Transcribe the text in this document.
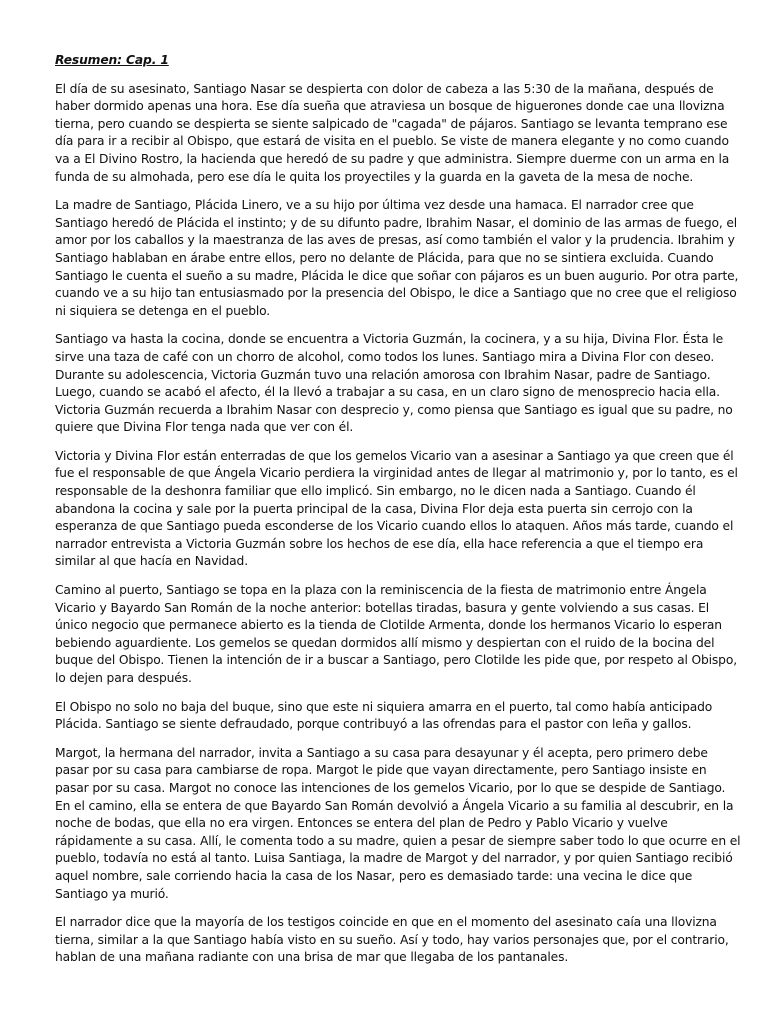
Resumen: Cap. 1

El día de su asesinato, Santiago Nasar se despierta con dolor de cabeza a las 5:30 de la mañana, después de haber dormido apenas una hora. Ese día sueña que atraviesa un bosque de higuerones donde cae una llovizna tierna, pero cuando se despierta se siente salpicado de "cagada" de pájaros. Santiago se levanta temprano ese día para ir a recibir al Obispo, que estará de visita en el pueblo. Se viste de manera elegante y no como cuando va a El Divino Rostro, la hacienda que heredó de su padre y que administra. Siempre duerme con un arma en la funda de su almohada, pero ese día le quita los proyectiles y la guarda en la gaveta de la mesa de noche.

La madre de Santiago, Plácida Linero, ve a su hijo por última vez desde una hamaca. El narrador cree que Santiago heredó de Plácida el instinto; y de su difunto padre, Ibrahim Nasar, el dominio de las armas de fuego, el amor por los caballos y la maestranza de las aves de presas, así como también el valor y la prudencia. Ibrahim y Santiago hablaban en árabe entre ellos, pero no delante de Plácida, para que no se sintiera excluida. Cuando Santiago le cuenta el sueño a su madre, Plácida le dice que soñar con pájaros es un buen augurio. Por otra parte, cuando ve a su hijo tan entusiasmado por la presencia del Obispo, le dice a Santiago que no cree que el religioso ni siquiera se detenga en el pueblo.

Santiago va hasta la cocina, donde se encuentra a Victoria Guzmán, la cocinera, y a su hija, Divina Flor. Ésta le sirve una taza de café con un chorro de alcohol, como todos los lunes. Santiago mira a Divina Flor con deseo. Durante su adolescencia, Victoria Guzmán tuvo una relación amorosa con Ibrahim Nasar, padre de Santiago. Luego, cuando se acabó el afecto, él la llevó a trabajar a su casa, en un claro signo de menosprecio hacia ella. Victoria Guzmán recuerda a Ibrahim Nasar con desprecio y, como piensa que Santiago es igual que su padre, no quiere que Divina Flor tenga nada que ver con él.

Victoria y Divina Flor están enterradas de que los gemelos Vicario van a asesinar a Santiago ya que creen que él fue el responsable de que Ángela Vicario perdiera la virginidad antes de llegar al matrimonio y, por lo tanto, es el responsable de la deshonra familiar que ello implicó. Sin embargo, no le dicen nada a Santiago. Cuando él abandona la cocina y sale por la puerta principal de la casa, Divina Flor deja esta puerta sin cerrojo con la esperanza de que Santiago pueda esconderse de los Vicario cuando ellos lo ataquen. Años más tarde, cuando el narrador entrevista a Victoria Guzmán sobre los hechos de ese día, ella hace referencia a que el tiempo era similar al que hacía en Navidad.

Camino al puerto, Santiago se topa en la plaza con la reminiscencia de la fiesta de matrimonio entre Ángela Vicario y Bayardo San Román de la noche anterior: botellas tiradas, basura y gente volviendo a sus casas. El único negocio que permanece abierto es la tienda de Clotilde Armenta, donde los hermanos Vicario lo esperan bebiendo aguardiente. Los gemelos se quedan dormidos allí mismo y despiertan con el ruido de la bocina del buque del Obispo. Tienen la intención de ir a buscar a Santiago, pero Clotilde les pide que, por respeto al Obispo, lo dejen para después.

El Obispo no solo no baja del buque, sino que este ni siquiera amarra en el puerto, tal como había anticipado Plácida. Santiago se siente defraudado, porque contribuyó a las ofrendas para el pastor con leña y gallos.

Margot, la hermana del narrador, invita a Santiago a su casa para desayunar y él acepta, pero primero debe pasar por su casa para cambiarse de ropa. Margot le pide que vayan directamente, pero Santiago insiste en pasar por su casa. Margot no conoce las intenciones de los gemelos Vicario, por lo que se despide de Santiago. En el camino, ella se entera de que Bayardo San Román devolvió a Ángela Vicario a su familia al descubrir, en la noche de bodas, que ella no era virgen. Entonces se entera del plan de Pedro y Pablo Vicario y vuelve rápidamente a su casa. Allí, le comenta todo a su madre, quien a pesar de siempre saber todo lo que ocurre en el pueblo, todavía no está al tanto. Luisa Santiaga, la madre de Margot y del narrador, y por quien Santiago recibió aquel nombre, sale corriendo hacia la casa de los Nasar, pero es demasiado tarde: una vecina le dice que Santiago ya murió.

El narrador dice que la mayoría de los testigos coincide en que en el momento del asesinato caía una llovizna tierna, similar a la que Santiago había visto en su sueño. Así y todo, hay varios personajes que, por el contrario, hablan de una mañana radiante con una brisa de mar que llegaba de los pantanales.
